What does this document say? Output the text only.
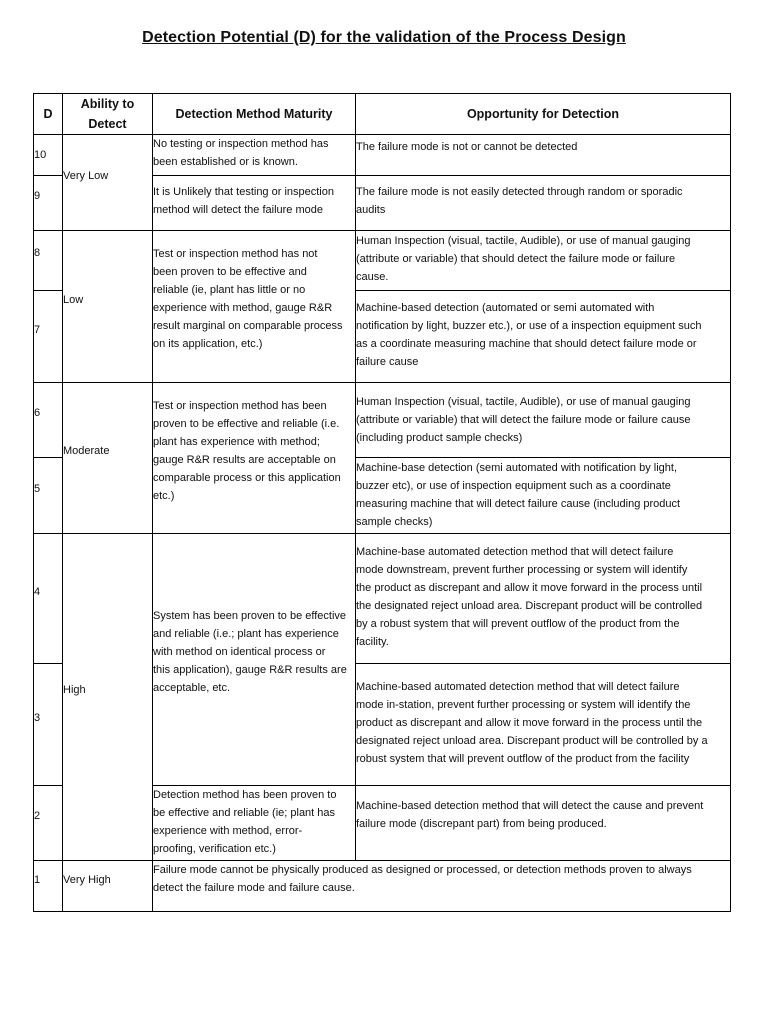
Detection Potential (D) for the validation of the Process Design
D
Ability to
Detect
Detection Method Maturity	Opportunity for Detection
10
9
8
7
6
5
4
3
2
1
Very Low
Low
Moderate
High
Very High
No testing or inspection method has
been established or is known.
It is Unlikely that testing or inspection
method will detect the failure mode
Test or inspection method has not
been proven to be effective and
reliable (ie, plant has little or no
experience with method, gauge R&R
result marginal on comparable process
on its application, etc.)
Test or inspection method has been
proven to be effective and reliable (i.e.
plant has experience with method;
gauge R&R results are acceptable on
comparable process or this application
etc.)
System has been proven to be effective
and reliable (i.e.; plant has experience
with method on identical process or
this application), gauge R&R results are
acceptable, etc.
Detection method has been proven to
be effective and reliable (ie; plant has
experience with method, error-
proofing, verification etc.)
Failure mode cannot be physically produced as designed or processed, or detection methods proven to always
detect the failure mode and failure cause.
The failure mode is not or cannot be detected
The failure mode is not easily detected through random or sporadic
audits
Human Inspection (visual, tactile, Audible), or use of manual gauging
(attribute or variable) that should detect the failure mode or failure
cause.
Machine-based detection (automated or semi automated with
notification by light, buzzer etc.), or use of a inspection equipment such
as a coordinate measuring machine that should detect failure mode or
failure cause
Human Inspection (visual, tactile, Audible), or use of manual gauging
(attribute or variable) that will detect the failure mode or failure cause
(including product sample checks)
Machine-base detection (semi automated with notification by light,
buzzer etc), or use of inspection equipment such as a coordinate
measuring machine that will detect failure cause (including product
sample checks)
Machine-base automated detection method that will detect failure
mode downstream, prevent further processing or system will identify
the product as discrepant and allow it move forward in the process until
the designated reject unload area. Discrepant product will be controlled
by a robust system that will prevent outflow of the product from the
facility.
Machine-based automated detection method that will detect failure
mode in-station, prevent further processing or system will identify the
product as discrepant and allow it move forward in the process until the
designated reject unload area. Discrepant product will be controlled by a
robust system that will prevent outflow of the product from the facility
Machine-based detection method that will detect the cause and prevent
failure mode (discrepant part) from being produced.
